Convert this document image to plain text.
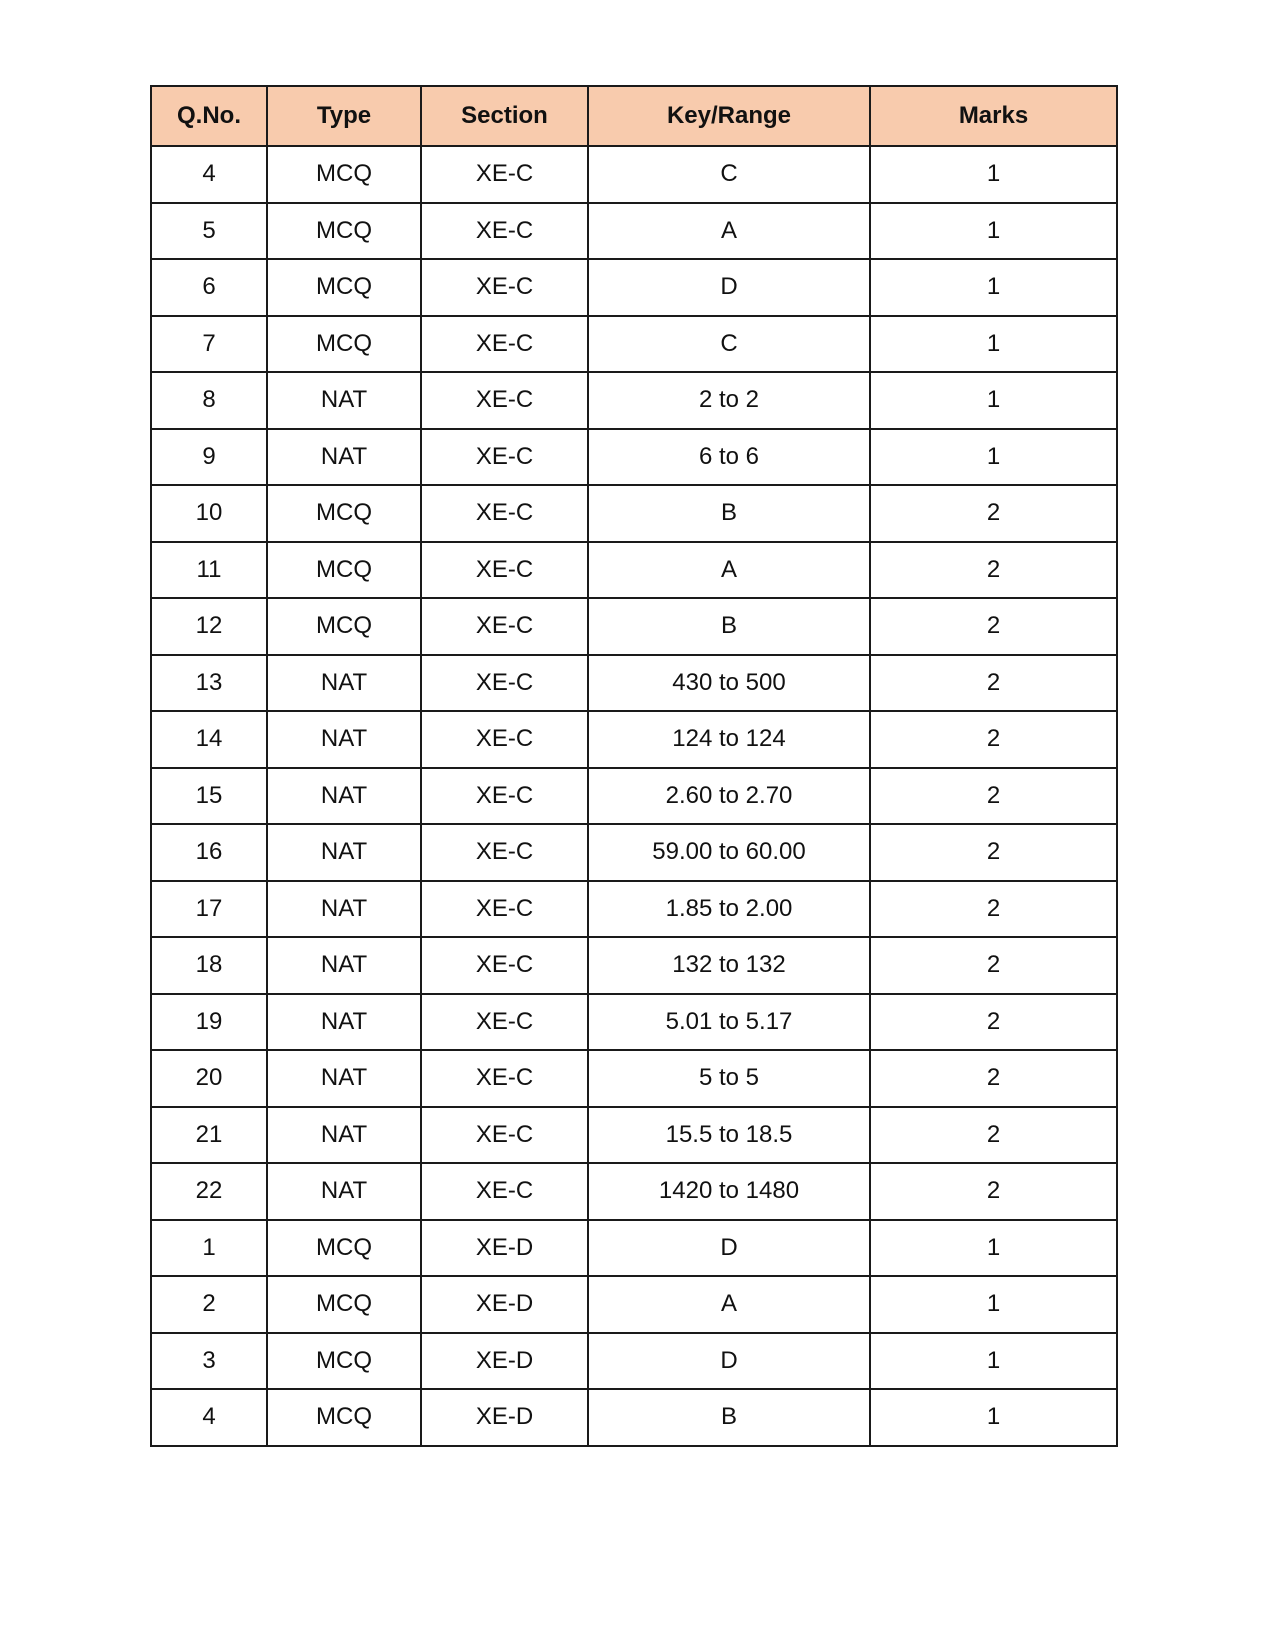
Q.No.	Type	Section	Key/Range	Marks
4	MCQ	XE-C	C	1
5	MCQ	XE-C	A	1
6	MCQ	XE-C	D	1
7	MCQ	XE-C	C	1
8	NAT	XE-C	2 to 2	1
9	NAT	XE-C	6 to 6	1
10	MCQ	XE-C	B	2
11	MCQ	XE-C	A	2
12	MCQ	XE-C	B	2
13	NAT	XE-C	430 to 500	2
14	NAT	XE-C	124 to 124	2
15	NAT	XE-C	2.60 to 2.70	2
16	NAT	XE-C	59.00 to 60.00	2
17	NAT	XE-C	1.85 to 2.00	2
18	NAT	XE-C	132 to 132	2
19	NAT	XE-C	5.01 to 5.17	2
20	NAT	XE-C	5 to 5	2
21	NAT	XE-C	15.5 to 18.5	2
22	NAT	XE-C	1420 to 1480	2
1	MCQ	XE-D	D	1
2	MCQ	XE-D	A	1
3	MCQ	XE-D	D	1
4	MCQ	XE-D	B	1
